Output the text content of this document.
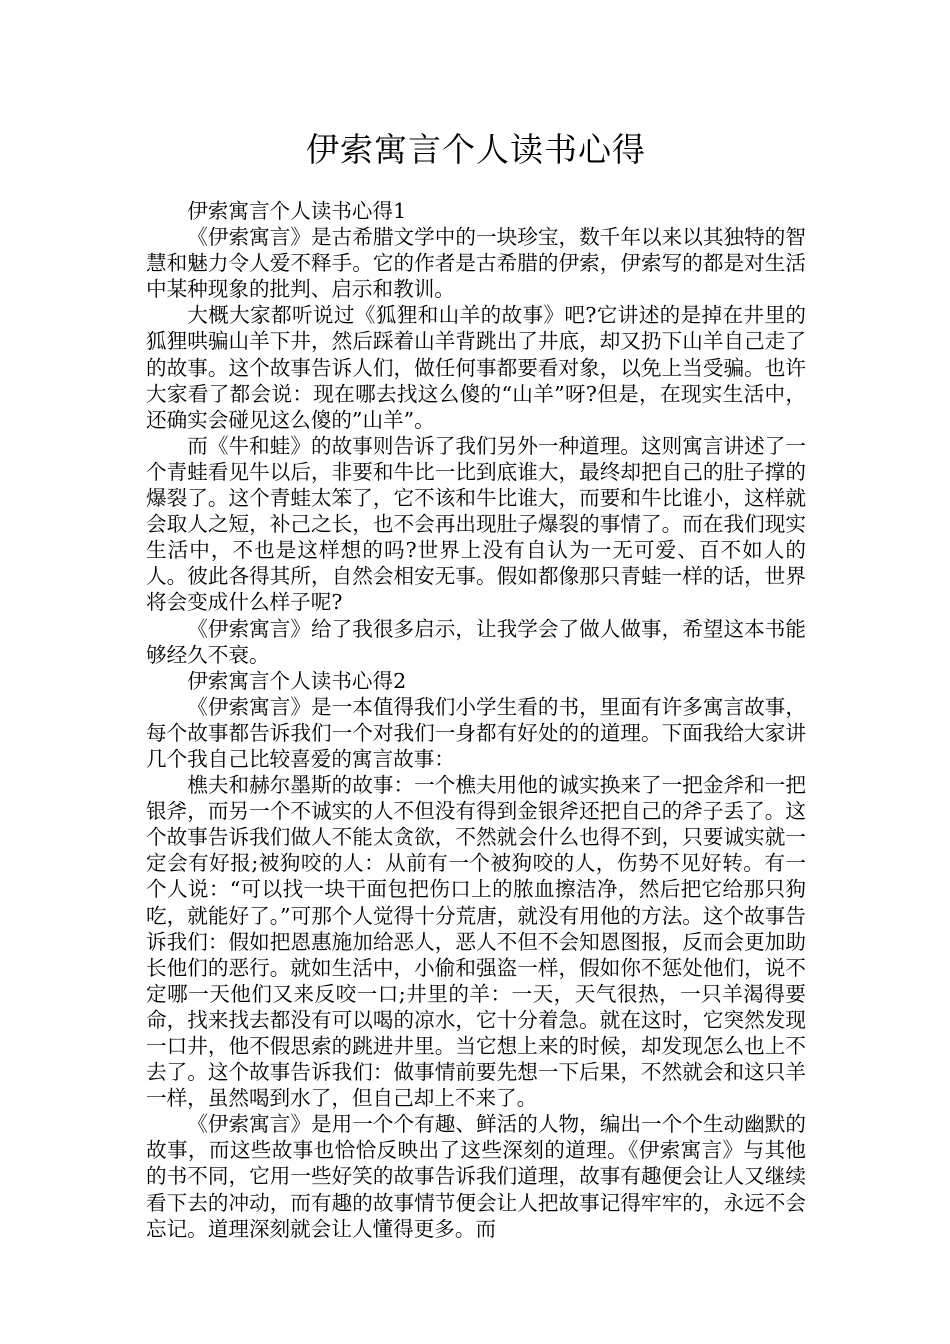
伊索寓言个人读书心得

伊索寓言个人读书心得1

《伊索寓言》是古希腊文学中的一块珍宝，数千年以来以其独特的智慧和魅力令人爱不释手。它的作者是古希腊的伊索，伊索写的都是对生活中某种现象的批判、启示和教训。

大概大家都听说过《狐狸和山羊的故事》吧?它讲述的是掉在井里的狐狸哄骗山羊下井，然后踩着山羊背跳出了井底，却又扔下山羊自己走了的故事。这个故事告诉人们，做任何事都要看对象，以免上当受骗。也许大家看了都会说：现在哪去找这么傻的“山羊”呀?但是，在现实生活中，还确实会碰见这么傻的”山羊”。

而《牛和蛙》的故事则告诉了我们另外一种道理。这则寓言讲述了一个青蛙看见牛以后，非要和牛比一比到底谁大，最终却把自己的肚子撑的爆裂了。这个青蛙太笨了，它不该和牛比谁大，而要和牛比谁小，这样就会取人之短，补己之长，也不会再出现肚子爆裂的事情了。而在我们现实生活中，不也是这样想的吗?世界上没有自认为一无可爱、百不如人的人。彼此各得其所，自然会相安无事。假如都像那只青蛙一样的话，世界将会变成什么样子呢?

《伊索寓言》给了我很多启示，让我学会了做人做事，希望这本书能够经久不衰。

伊索寓言个人读书心得2

《伊索寓言》是一本值得我们小学生看的书，里面有许多寓言故事，每个故事都告诉我们一个对我们一身都有好处的的道理。下面我给大家讲几个我自己比较喜爱的寓言故事：

樵夫和赫尔墨斯的故事：一个樵夫用他的诚实换来了一把金斧和一把银斧，而另一个不诚实的人不但没有得到金银斧还把自己的斧子丢了。这个故事告诉我们做人不能太贪欲，不然就会什么也得不到，只要诚实就一定会有好报;被狗咬的人：从前有一个被狗咬的人，伤势不见好转。有一个人说：“可以找一块干面包把伤口上的脓血擦洁净，然后把它给那只狗吃，就能好了。”可那个人觉得十分荒唐，就没有用他的方法。这个故事告诉我们：假如把恩惠施加给恶人，恶人不但不会知恩图报，反而会更加助长他们的恶行。就如生活中，小偷和强盗一样，假如你不惩处他们，说不定哪一天他们又来反咬一口;井里的羊：一天，天气很热，一只羊渴得要命，找来找去都没有可以喝的凉水，它十分着急。就在这时，它突然发现一口井，他不假思索的跳进井里。当它想上来的时候，却发现怎么也上不去了。这个故事告诉我们：做事情前要先想一下后果，不然就会和这只羊一样，虽然喝到水了，但自己却上不来了。

《伊索寓言》是用一个个有趣、鲜活的人物，编出一个个生动幽默的故事，而这些故事也恰恰反映出了这些深刻的道理。《伊索寓言》与其他的书不同，它用一些好笑的故事告诉我们道理，故事有趣便会让人又继续看下去的冲动，而有趣的故事情节便会让人把故事记得牢牢的，永远不会忘记。道理深刻就会让人懂得更多。而
